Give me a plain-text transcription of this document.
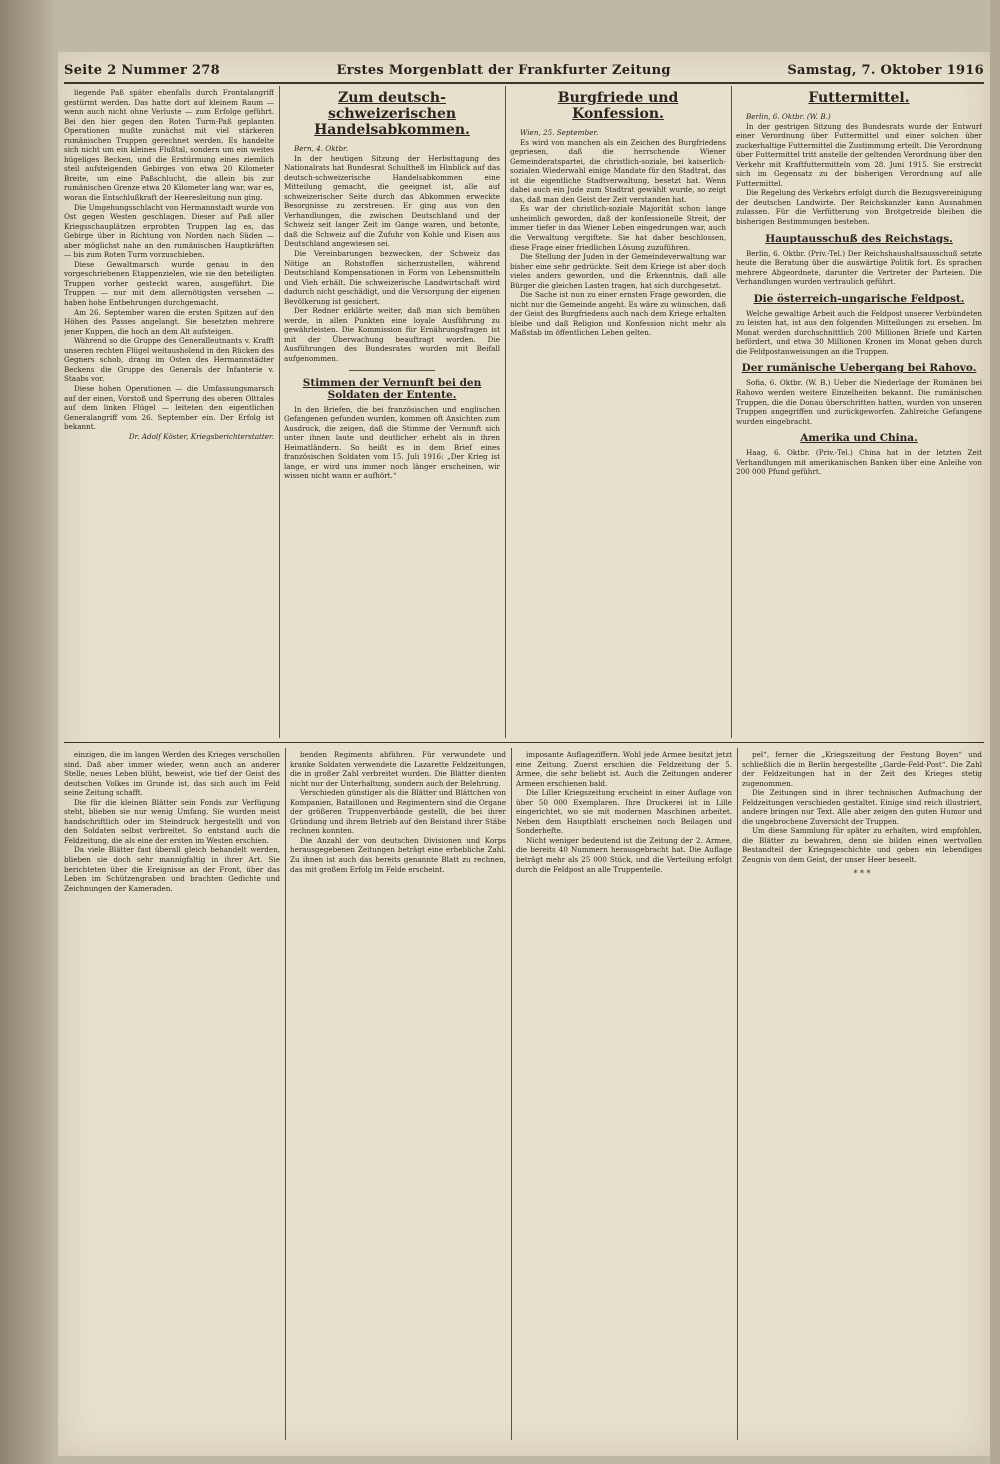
Seite 2 Nummer 278	Erstes Morgenblatt der Frankfurter Zeitung	Samstag, 7. Oktober 1916

liegende Paß später ebenfalls durch Frontalangriff gestürmt werden. Das hatte dort auf kleinem Raum — wenn auch nicht ohne Verluste — zum Erfolge geführt. Bei den hier gegen den Roten Turm-Paß geplanten Operationen mußte zunächst mit viel stärkeren rumänischen Truppen gerechnet werden. Es handelte sich nicht um ein kleines Flußtal, sondern um ein weites hügeliges Becken, und die Erstürmung eines ziemlich steil aufsteigenden Gebirges von etwa 20 Kilometer Breite, um eine Paßschlucht, die allein bis zur rumänischen Grenze etwa 20 Kilometer lang war, war es, woran die Entschlußkraft der Heeresleitung nun ging.

Die Umgehungsschlacht von Hermannstadt wurde von Ost gegen Westen geschlagen. Dieser auf Paß aller Kriegsschauplätzen erprobten Truppen lag es, das Gebirge über in Richtung von Norden nach Süden — aber möglichst nahe an den rumänischen Hauptkräften — bis zum Roten Turm vorzuschieben.

Diese Gewaltmarsch wurde genau in den vorgeschriebenen Etappenzielen, wie sie den beteiligten Truppen vorher gesteckt waren, ausgeführt. Die Truppen — nur mit dem allernötigsten versehen — haben hohe Entbehrungen durchgemacht.

Am 26. September waren die ersten Spitzen auf den Höhen des Passes angelangt. Sie besetzten mehrere jener Kuppen, die hoch an dem Alt aufsteigen.

Während so die Gruppe des Generalleutnants v. Krafft unseren rechten Flügel weitausholend in den Rücken des Gegners schob, drang im Osten des Hermannstädter Beckens die Gruppe des Generals der Infanterie v. Staabs vor.

Diese hohen Operationen — die Umfassungsmarsch auf der einen, Vorstoß und Sperrung des oberen Olttales auf dem linken Flügel — leiteten den eigentlichen Generalangriff vom 26. September ein. Der Erfolg ist bekannt.

Dr. Adolf Köster, Kriegsberichterstatter.
Zum deutsch-schweizerischen Handelsabkommen.

Bern, 4. Oktbr.

In der heutigen Sitzung der Herbsttagung des Nationalrats hat Bundesrat Schultheß im Hinblick auf das deutsch-schweizerische Handelsabkommen eine Mitteilung gemacht, die geeignet ist, alle auf schweizerischer Seite durch das Abkommen erweckte Besorgnisse zu zerstreuen. Er ging aus von den Verhandlungen, die zwischen Deutschland und der Schweiz seit langer Zeit im Gange waren, und betonte, daß die Schweiz auf die Zufuhr von Kohle und Eisen aus Deutschland angewiesen sei.

Die Vereinbarungen bezwecken, der Schweiz das Nötige an Rohstoffen sicherzustellen, während Deutschland Kompensationen in Form von Lebensmitteln und Vieh erhält. Die schweizerische Landwirtschaft wird dadurch nicht geschädigt, und die Versorgung der eigenen Bevölkerung ist gesichert.

Der Redner erklärte weiter, daß man sich bemühen werde, in allen Punkten eine loyale Ausführung zu gewährleisten. Die Kommission für Ernährungsfragen ist mit der Überwachung beauftragt worden. Die Ausführungen des Bundesrates wurden mit Beifall aufgenommen.

Stimmen der Vernunft bei den Soldaten der Entente.

In den Briefen, die bei französischen und englischen Gefangenen gefunden wurden, kommen oft Ansichten zum Ausdruck, die zeigen, daß die Stimme der Vernunft sich unter ihnen laute und deutlicher erhebt als in ihren Heimatländern. So heißt es in dem Brief eines französischen Soldaten vom 15. Juli 1916: „Der Krieg ist lange, er wird uns immer noch länger erscheinen, wir wissen nicht wann er aufhört.“

Burgfriede und Konfession.

Wien, 25. September.

Es wird von manchen als ein Zeichen des Burgfriedens gepriesen, daß die herrschende Wiener Gemeinderatspartei, die christlich-soziale, bei kaiserlich-sozialen Wiederwahl einige Mandate für den Stadtrat, das ist die eigentliche Stadtverwaltung, besetzt hat. Wenn dabei auch ein Jude zum Stadtrat gewählt wurde, so zeigt das, daß man den Geist der Zeit verstanden hat.

Es war der christlich-soziale Majorität schon lange unheimlich geworden, daß der konfessionelle Streit, der immer tiefer in das Wiener Leben eingedrungen war, auch die Verwaltung vergiftete. Sie hat daher beschlossen, diese Frage einer friedlichen Lösung zuzuführen.

Die Stellung der Juden in der Gemeindeverwaltung war bisher eine sehr gedrückte. Seit dem Kriege ist aber doch vieles anders geworden, und die Erkenntnis, daß alle Bürger die gleichen Lasten tragen, hat sich durchgesetzt.

Die Sache ist nun zu einer ernsten Frage geworden, die nicht nur die Gemeinde angeht. Es wäre zu wünschen, daß der Geist des Burgfriedens auch nach dem Kriege erhalten bleibe und daß Religion und Konfession nicht mehr als Maßstab im öffentlichen Leben gelten.

Futtermittel.

Berlin, 6. Oktbr. (W. B.)

In der gestrigen Sitzung des Bundesrats wurde der Entwurf einer Verordnung über Futtermittel und einer solchen über zuckerhaltige Futtermittel die Zustimmung erteilt. Die Verordnung über Futtermittel tritt anstelle der geltenden Verordnung über den Verkehr mit Kraftfuttermitteln vom 28. Juni 1915. Sie erstreckt sich im Gegensatz zu der bisherigen Verordnung auf alle Futtermittel.

Die Regelung des Verkehrs erfolgt durch die Bezugsvereinigung der deutschen Landwirte. Der Reichskanzler kann Ausnahmen zulassen. Für die Verfütterung von Brotgetreide bleiben die bisherigen Bestimmungen bestehen.

Hauptausschuß des Reichstags.

Berlin, 6. Oktbr. (Priv.-Tel.) Der Reichshaushaltsausschuß setzte heute die Beratung über die auswärtige Politik fort. Es sprachen mehrere Abgeordnete, darunter die Vertreter der Parteien. Die Verhandlungen wurden vertraulich geführt.

Die österreich-ungarische Feldpost.

Welche gewaltige Arbeit auch die Feldpost unserer Verbündeten zu leisten hat, ist aus den folgenden Mitteilungen zu ersehen. Im Monat werden durchschnittlich 200 Millionen Briefe und Karten befördert, und etwa 30 Millionen Kronen im Monat gehen durch die Feldpostanweisungen an die Truppen.

Der rumänische Uebergang bei Rahovo.

Sofia, 6. Oktbr. (W. B.) Ueber die Niederlage der Rumänen bei Rahovo werden weitere Einzelheiten bekannt. Die rumänischen Truppen, die die Donau überschritten hatten, wurden von unseren Truppen angegriffen und zurückgeworfen. Zahlreiche Gefangene wurden eingebracht.

Amerika und China.

Haag, 6. Oktbr. (Priv.-Tel.) China hat in der letzten Zeit Verhandlungen mit amerikanischen Banken über eine Anleihe von 200 000 Pfund geführt.

einzigen, die im langen Werden des Krieges verschollen sind. Daß aber immer wieder, wenn auch an anderer Stelle, neues Leben blüht, beweist, wie tief der Geist des deutschen Volkes im Grunde ist, das sich auch im Feld seine Zeitung schafft.

Die für die kleinen Blätter sein Fonds zur Verfügung steht, blieben sie nur wenig Umfang. Sie wurden meist handschriftlich oder im Steindruck hergestellt und von den Soldaten selbst verbreitet. So entstand auch die Feldzeitung, die als eine der ersten im Westen erschien.

Da viele Blätter fast überall gleich behandelt werden, blieben sie doch sehr mannigfaltig in ihrer Art. Sie berichteten über die Ereignisse an der Front, über das Leben im Schützengraben und brachten Gedichte und Zeichnungen der Kameraden.

benden Regiments abführen. Für verwundete und kranke Soldaten verwendete die Lazarette Feldzeitungen, die in großer Zahl verbreitet wurden. Die Blätter dienten nicht nur der Unterhaltung, sondern auch der Belehrung.

Verschieden günstiger als die Blätter und Blättchen von Kompanien, Bataillonen und Regimentern sind die Organe der größeren Truppenverbände gestellt, die bei ihrer Gründung und ihrem Betrieb auf den Beistand ihrer Stäbe rechnen konnten.

Die Anzahl der von deutschen Divisionen und Korps herausgegebenen Zeitungen beträgt eine erhebliche Zahl. Zu ihnen ist auch das bereits genannte Blatt zu rechnen, das mit großem Erfolg im Felde erscheint.

imposante Auflageziffern. Wohl jede Armee besitzt jetzt eine Zeitung. Zuerst erschien die Feldzeitung der 5. Armee, die sehr beliebt ist. Auch die Zeitungen anderer Armeen erschienen bald.

Die Liller Kriegszeitung erscheint in einer Auflage von über 50 000 Exemplaren. Ihre Druckerei ist in Lille eingerichtet, wo sie mit modernen Maschinen arbeitet. Neben dem Hauptblatt erscheinen noch Beilagen und Sonderhefte.

Nicht weniger bedeutend ist die Zeitung der 2. Armee, die bereits 40 Nummern herausgebracht hat. Die Auflage beträgt mehr als 25 000 Stück, und die Verteilung erfolgt durch die Feldpost an alle Truppenteile.

pel“, ferner die „Kriegszeitung der Festung Boyen“ und schließlich die in Berlin hergestellte „Garde-Feld-Post“. Die Zahl der Feldzeitungen hat in der Zeit des Krieges stetig zugenommen.

Die Zeitungen sind in ihrer technischen Aufmachung der Feldzeitungen verschieden gestaltet. Einige sind reich illustriert, andere bringen nur Text. Alle aber zeigen den guten Humor und die ungebrochene Zuversicht der Truppen.

Um diese Sammlung für später zu erhalten, wird empfohlen, die Blätter zu bewahren, denn sie bilden einen wertvollen Bestandteil der Kriegsgeschichte und geben ein lebendiges Zeugnis von dem Geist, der unser Heer beseelt.

* * *
